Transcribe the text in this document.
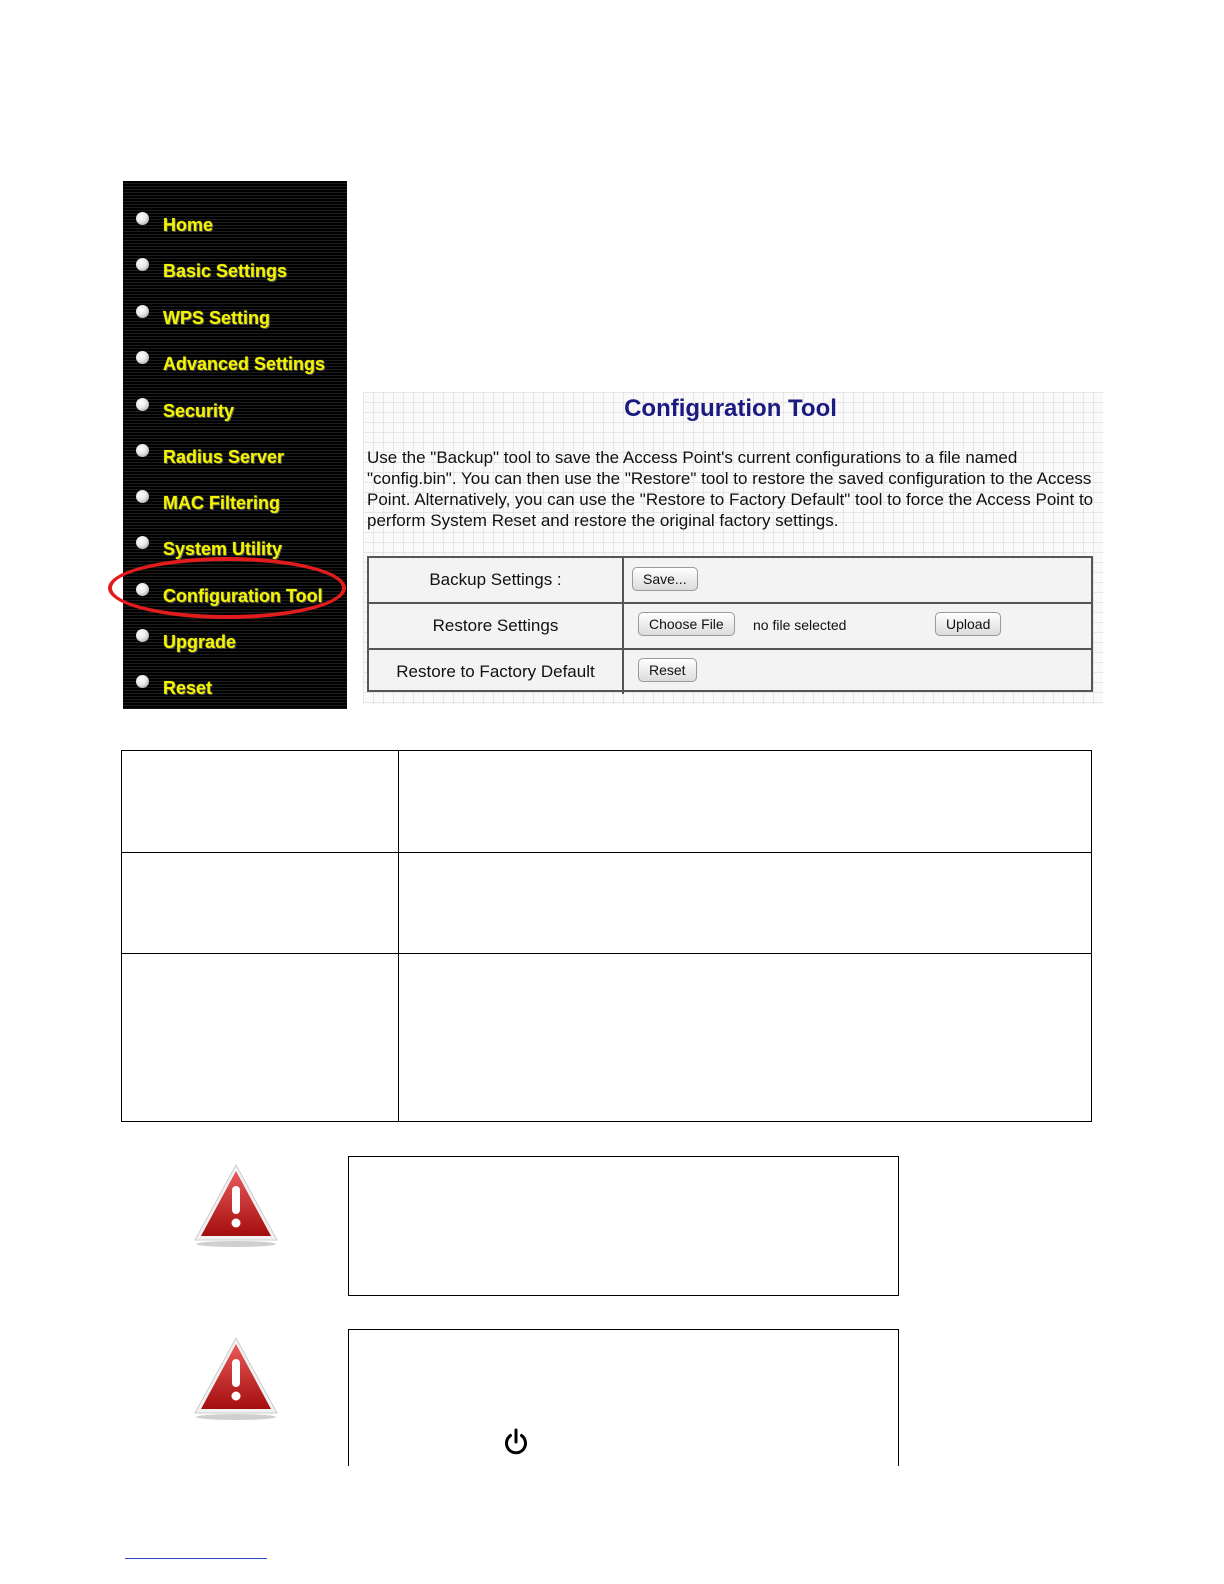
Home
Basic Settings
WPS Setting
Advanced Settings
Security
Radius Server
MAC Filtering
System Utility
Configuration Tool
Upgrade
Reset
Configuration Tool
Use the "Backup" tool to save the Access Point's current configurations to a file named "config.bin". You can then use the "Restore" tool to restore the saved configuration to the Access Point. Alternatively, you can use the "Restore to Factory Default" tool to force the Access Point to perform System Reset and restore the original factory settings.
Backup Settings :	Save...
Restore Settings	Choose File	no file selected	Upload
Restore to Factory Default	Reset
